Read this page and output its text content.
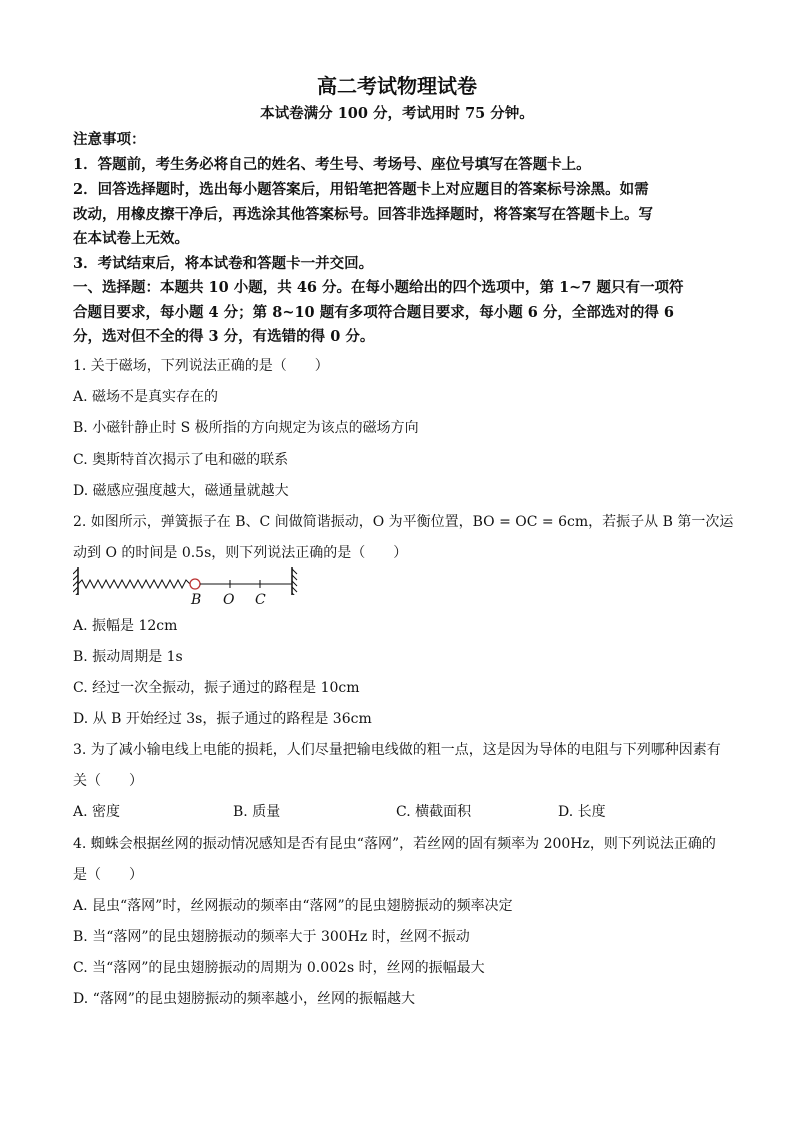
高二考试物理试卷
本试卷满分 100 分，考试用时 75 分钟。
注意事项：
1．答题前，考生务必将自己的姓名、考生号、考场号、座位号填写在答题卡上。
2．回答选择题时，选出每小题答案后，用铅笔把答题卡上对应题目的答案标号涂黑。如需
改动，用橡皮擦干净后，再选涂其他答案标号。回答非选择题时，将答案写在答题卡上。写
在本试卷上无效。
3．考试结束后，将本试卷和答题卡一并交回。
一、选择题：本题共 10 小题，共 46 分。在每小题给出的四个选项中，第 1~7 题只有一项符
合题目要求，每小题 4 分；第 8~10 题有多项符合题目要求，每小题 6 分，全部选对的得 6
分，选对但不全的得 3 分，有选错的得 0 分。
1. 关于磁场，下列说法正确的是（　　）
A. 磁场不是真实存在的
B. 小磁针静止时 S 极所指的方向规定为该点的磁场方向
C. 奥斯特首次揭示了电和磁的联系
D. 磁感应强度越大，磁通量就越大
2. 如图所示，弹簧振子在 B、C 间做简谐振动，O 为平衡位置，BO = OC = 6cm，若振子从 B 第一次运
动到 O 的时间是 0.5s，则下列说法正确的是（　　）
B O C
A. 振幅是 12cm
B. 振动周期是 1s
C. 经过一次全振动，振子通过的路程是 10cm
D. 从 B 开始经过 3s，振子通过的路程是 36cm
3. 为了减小输电线上电能的损耗，人们尽量把输电线做的粗一点，这是因为导体的电阻与下列哪种因素有
关（　　）
A. 密度	B. 质量	C. 横截面积	D. 长度
4. 蜘蛛会根据丝网的振动情况感知是否有昆虫“落网”，若丝网的固有频率为 200Hz，则下列说法正确的
是（　　）
A. 昆虫“落网”时，丝网振动的频率由“落网”的昆虫翅膀振动的频率决定
B. 当“落网”的昆虫翅膀振动的频率大于 300Hz 时，丝网不振动
C. 当“落网”的昆虫翅膀振动的周期为 0.002s 时，丝网的振幅最大
D. “落网”的昆虫翅膀振动的频率越小，丝网的振幅越大
